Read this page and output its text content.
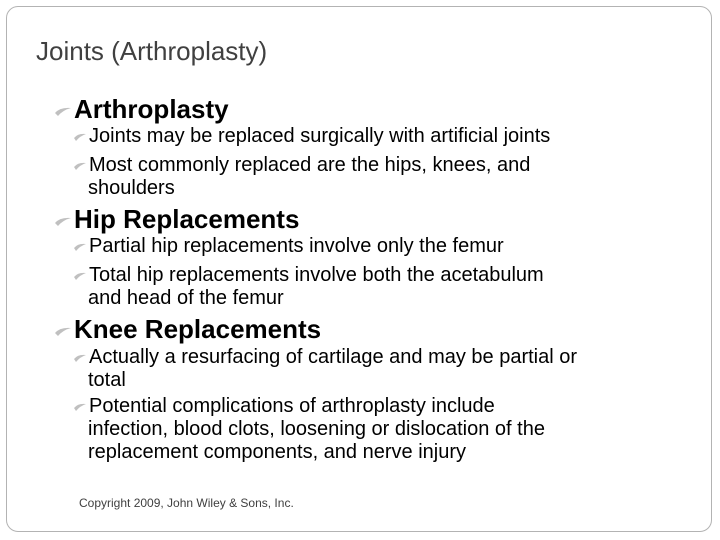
Joints (Arthroplasty)
Arthroplasty
Joints may be replaced surgically with artificial joints
Most commonly replaced are the hips, knees, and
shoulders
Hip Replacements
Partial hip replacements involve only the femur
Total hip replacements involve both the acetabulum
and head of the femur
Knee Replacements
Actually a resurfacing of cartilage and may be partial or
total
Potential complications of arthroplasty include
infection, blood clots, loosening or dislocation of the
replacement components, and nerve injury
Copyright 2009, John Wiley & Sons, Inc.
